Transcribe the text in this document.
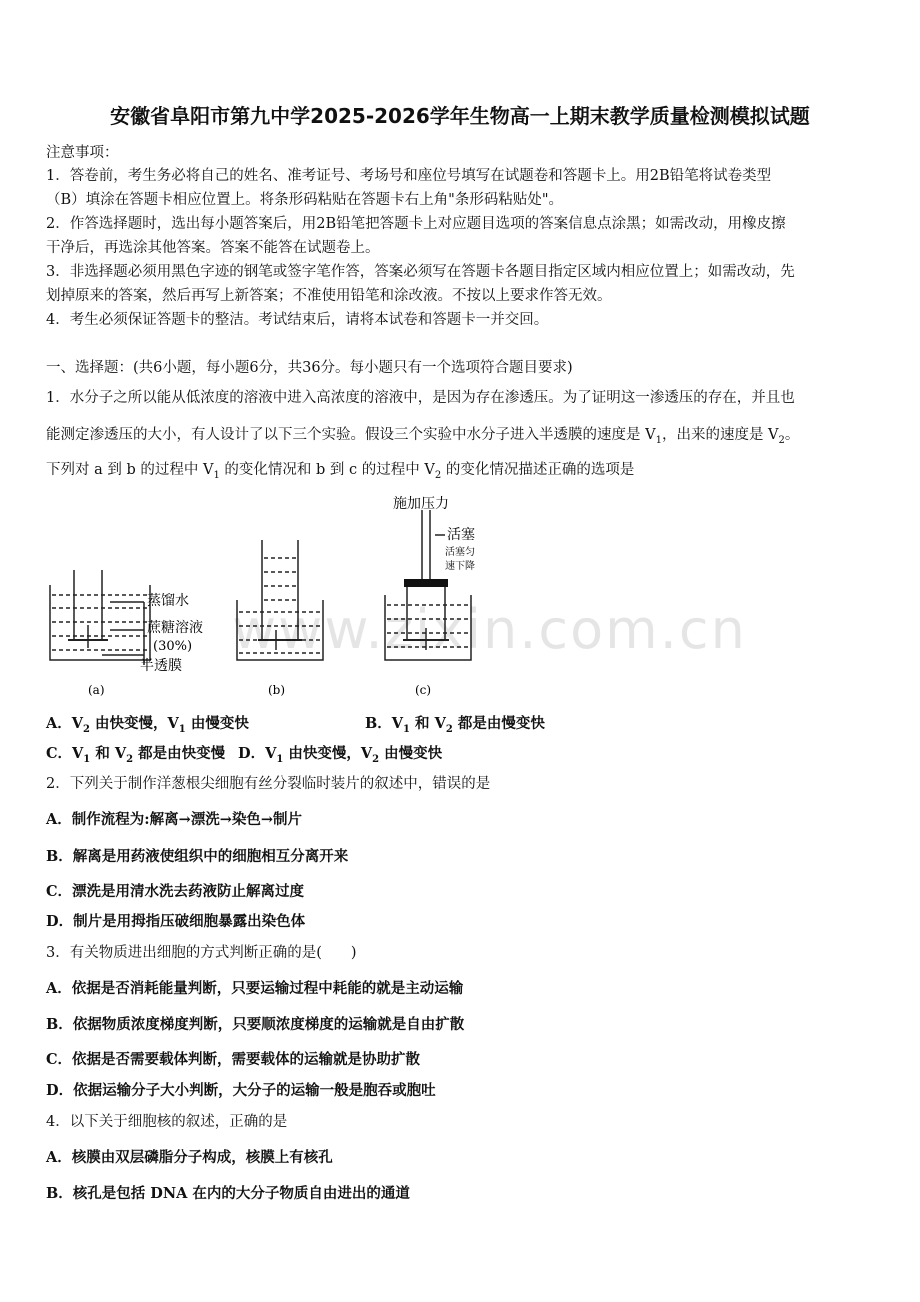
安徽省阜阳市第九中学2025-2026学年生物高一上期末教学质量检测模拟试题
注意事项：
1．答卷前，考生务必将自己的姓名、准考证号、考场号和座位号填写在试题卷和答题卡上。用2B铅笔将试卷类型
（B）填涂在答题卡相应位置上。将条形码粘贴在答题卡右上角"条形码粘贴处"。
2．作答选择题时，选出每小题答案后，用2B铅笔把答题卡上对应题目选项的答案信息点涂黑；如需改动，用橡皮擦
干净后，再选涂其他答案。答案不能答在试题卷上。
3．非选择题必须用黑色字迹的钢笔或签字笔作答，答案必须写在答题卡各题目指定区域内相应位置上；如需改动，先
划掉原来的答案，然后再写上新答案；不准使用铅笔和涂改液。不按以上要求作答无效。
4．考生必须保证答题卡的整洁。考试结束后，请将本试卷和答题卡一并交回。
一、选择题：(共6小题，每小题6分，共36分。每小题只有一个选项符合题目要求)
1．水分子之所以能从低浓度的溶液中进入高浓度的溶液中，是因为存在渗透压。为了证明这一渗透压的存在，并且也
能测定渗透压的大小，有人设计了以下三个实验。假设三个实验中水分子进入半透膜的速度是 $V_1$，出来的速度是 $V_2$。
下列对 a 到 b 的过程中 $V_1$ 的变化情况和 b 到 c 的过程中 $V_2$ 的变化情况描述正确的选项是
蒸馏水
蔗糖溶液
(30%)
半透膜
(a)	(b)
施加压力
活塞
活塞匀
速下降
(c)
www.zixin.com.cn
A．$V_2$ 由快变慢，$V_1$ 由慢变快	B．$V_1$ 和 $V_2$ 都是由慢变快
C．$V_1$ 和 $V_2$ 都是由快变慢 D．$V_1$ 由快变慢，$V_2$ 由慢变快
2．下列关于制作洋葱根尖细胞有丝分裂临时装片的叙述中，错误的是
A．制作流程为:解离→漂洗→染色→制片
B．解离是用药液使组织中的细胞相互分离开来
C．漂洗是用清水洗去药液防止解离过度
D．制片是用拇指压破细胞暴露出染色体
3．有关物质进出细胞的方式判断正确的是(　　)
A．依据是否消耗能量判断，只要运输过程中耗能的就是主动运输
B．依据物质浓度梯度判断，只要顺浓度梯度的运输就是自由扩散
C．依据是否需要载体判断，需要载体的运输就是协助扩散
D．依据运输分子大小判断，大分子的运输一般是胞吞或胞吐
4．以下关于细胞核的叙述，正确的是
A．核膜由双层磷脂分子构成，核膜上有核孔
B．核孔是包括 DNA 在内的大分子物质自由进出的通道
